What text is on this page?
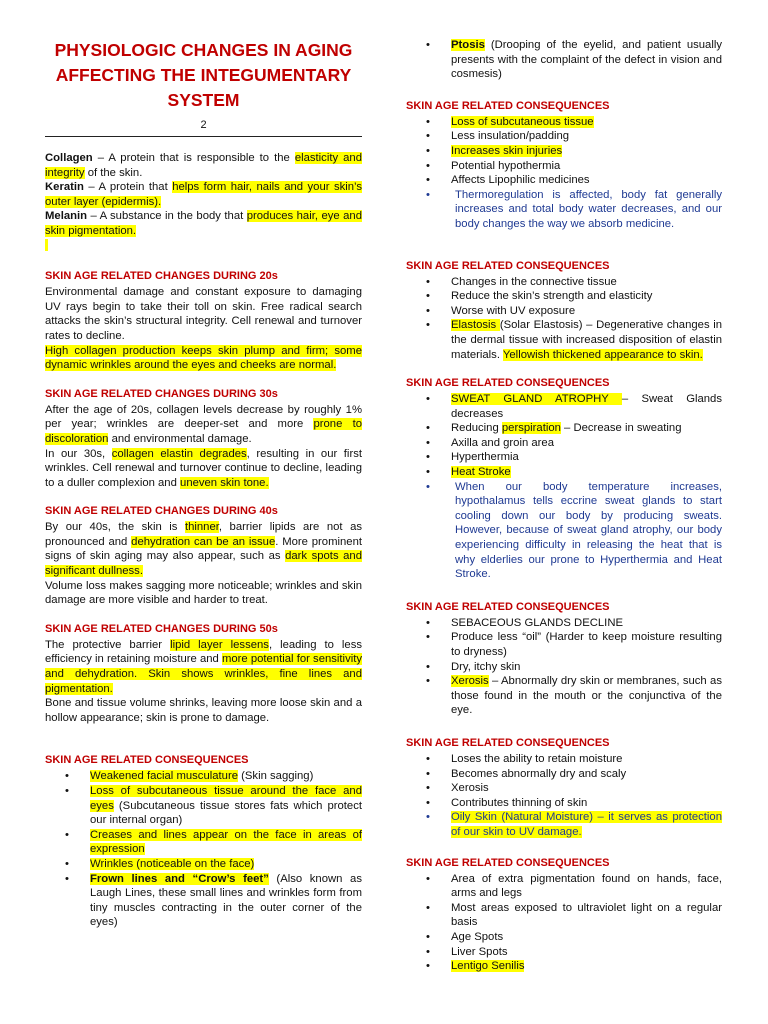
PHYSIOLOGIC CHANGES IN AGING AFFECTING THE INTEGUMENTARY SYSTEM
2

Collagen – A protein that is responsible to the elasticity and integrity of the skin.

Keratin – A protein that helps form hair, nails and your skin’s outer layer (epidermis).

Melanin – A substance in the body that produces hair, eye and skin pigmentation.

SKIN AGE RELATED CHANGES DURING 20s

Environmental damage and constant exposure to damaging UV rays begin to take their toll on skin. Free radical search attacks the skin’s structural integrity. Cell renewal and turnover rates to decline.

High collagen production keeps skin plump and firm; some dynamic wrinkles around the eyes and cheeks are normal.

SKIN AGE RELATED CHANGES DURING 30s

After the age of 20s, collagen levels decrease by roughly 1% per year; wrinkles are deeper-set and more prone to discoloration and environmental damage.

In our 30s, collagen elastin degrades, resulting in our first wrinkles. Cell renewal and turnover continue to decline, leading to a duller complexion and uneven skin tone.

SKIN AGE RELATED CHANGES DURING 40s

By our 40s, the skin is thinner, barrier lipids are not as pronounced and dehydration can be an issue. More prominent signs of skin aging may also appear, such as dark spots and significant dullness.

Volume loss makes sagging more noticeable; wrinkles and skin damage are more visible and harder to treat.

SKIN AGE RELATED CHANGES DURING 50s

The protective barrier lipid layer lessens, leading to less efficiency in retaining moisture and more potential for sensitivity and dehydration. Skin shows wrinkles, fine lines and pigmentation.

Bone and tissue volume shrinks, leaving more loose skin and a hollow appearance; skin is prone to damage.

SKIN AGE RELATED CONSEQUENCES
• Weakened facial musculature (Skin sagging)
• Loss of subcutaneous tissue around the face and eyes (Subcutaneous tissue stores fats which protect our internal organ)
• Creases and lines appear on the face in areas of expression
• Wrinkles (noticeable on the face)
• Frown lines and “Crow’s feet” (Also known as Laugh Lines, these small lines and wrinkles form from tiny muscles contracting in the outer corner of the eyes)
• Ptosis (Drooping of the eyelid, and patient usually presents with the complaint of the defect in vision and cosmesis)
SKIN AGE RELATED CONSEQUENCES
• Loss of subcutaneous tissue
• Less insulation/padding
• Increases skin injuries
• Potential hypothermia
• Affects Lipophilic medicines
• Thermoregulation is affected, body fat generally increases and total body water decreases, and our body changes the way we absorb medicine.
SKIN AGE RELATED CONSEQUENCES
• Changes in the connective tissue
• Reduce the skin’s strength and elasticity
• Worse with UV exposure
• Elastosis (Solar Elastosis) – Degenerative changes in the dermal tissue with increased disposition of elastin materials. Yellowish thickened appearance to skin.
SKIN AGE RELATED CONSEQUENCES
• SWEAT GLAND ATROPHY – Sweat Glands decreases
• Reducing perspiration – Decrease in sweating
• Axilla and groin area
• Hyperthermia
• Heat Stroke
• When our body temperature increases, hypothalamus tells eccrine sweat glands to start cooling down our body by producing sweats. However, because of sweat gland atrophy, our body experiencing difficulty in releasing the heat that is why elderlies our prone to Hyperthermia and Heat Stroke.
SKIN AGE RELATED CONSEQUENCES
• SEBACEOUS GLANDS DECLINE
• Produce less “oil” (Harder to keep moisture resulting to dryness)
• Dry, itchy skin
• Xerosis – Abnormally dry skin or membranes, such as those found in the mouth or the conjunctiva of the eye.
SKIN AGE RELATED CONSEQUENCES
• Loses the ability to retain moisture
• Becomes abnormally dry and scaly
• Xerosis
• Contributes thinning of skin
• Oily Skin (Natural Moisture) – it serves as protection of our skin to UV damage.
SKIN AGE RELATED CONSEQUENCES
• Area of extra pigmentation found on hands, face, arms and legs
• Most areas exposed to ultraviolet light on a regular basis
• Age Spots
• Liver Spots
• Lentigo Senilis
